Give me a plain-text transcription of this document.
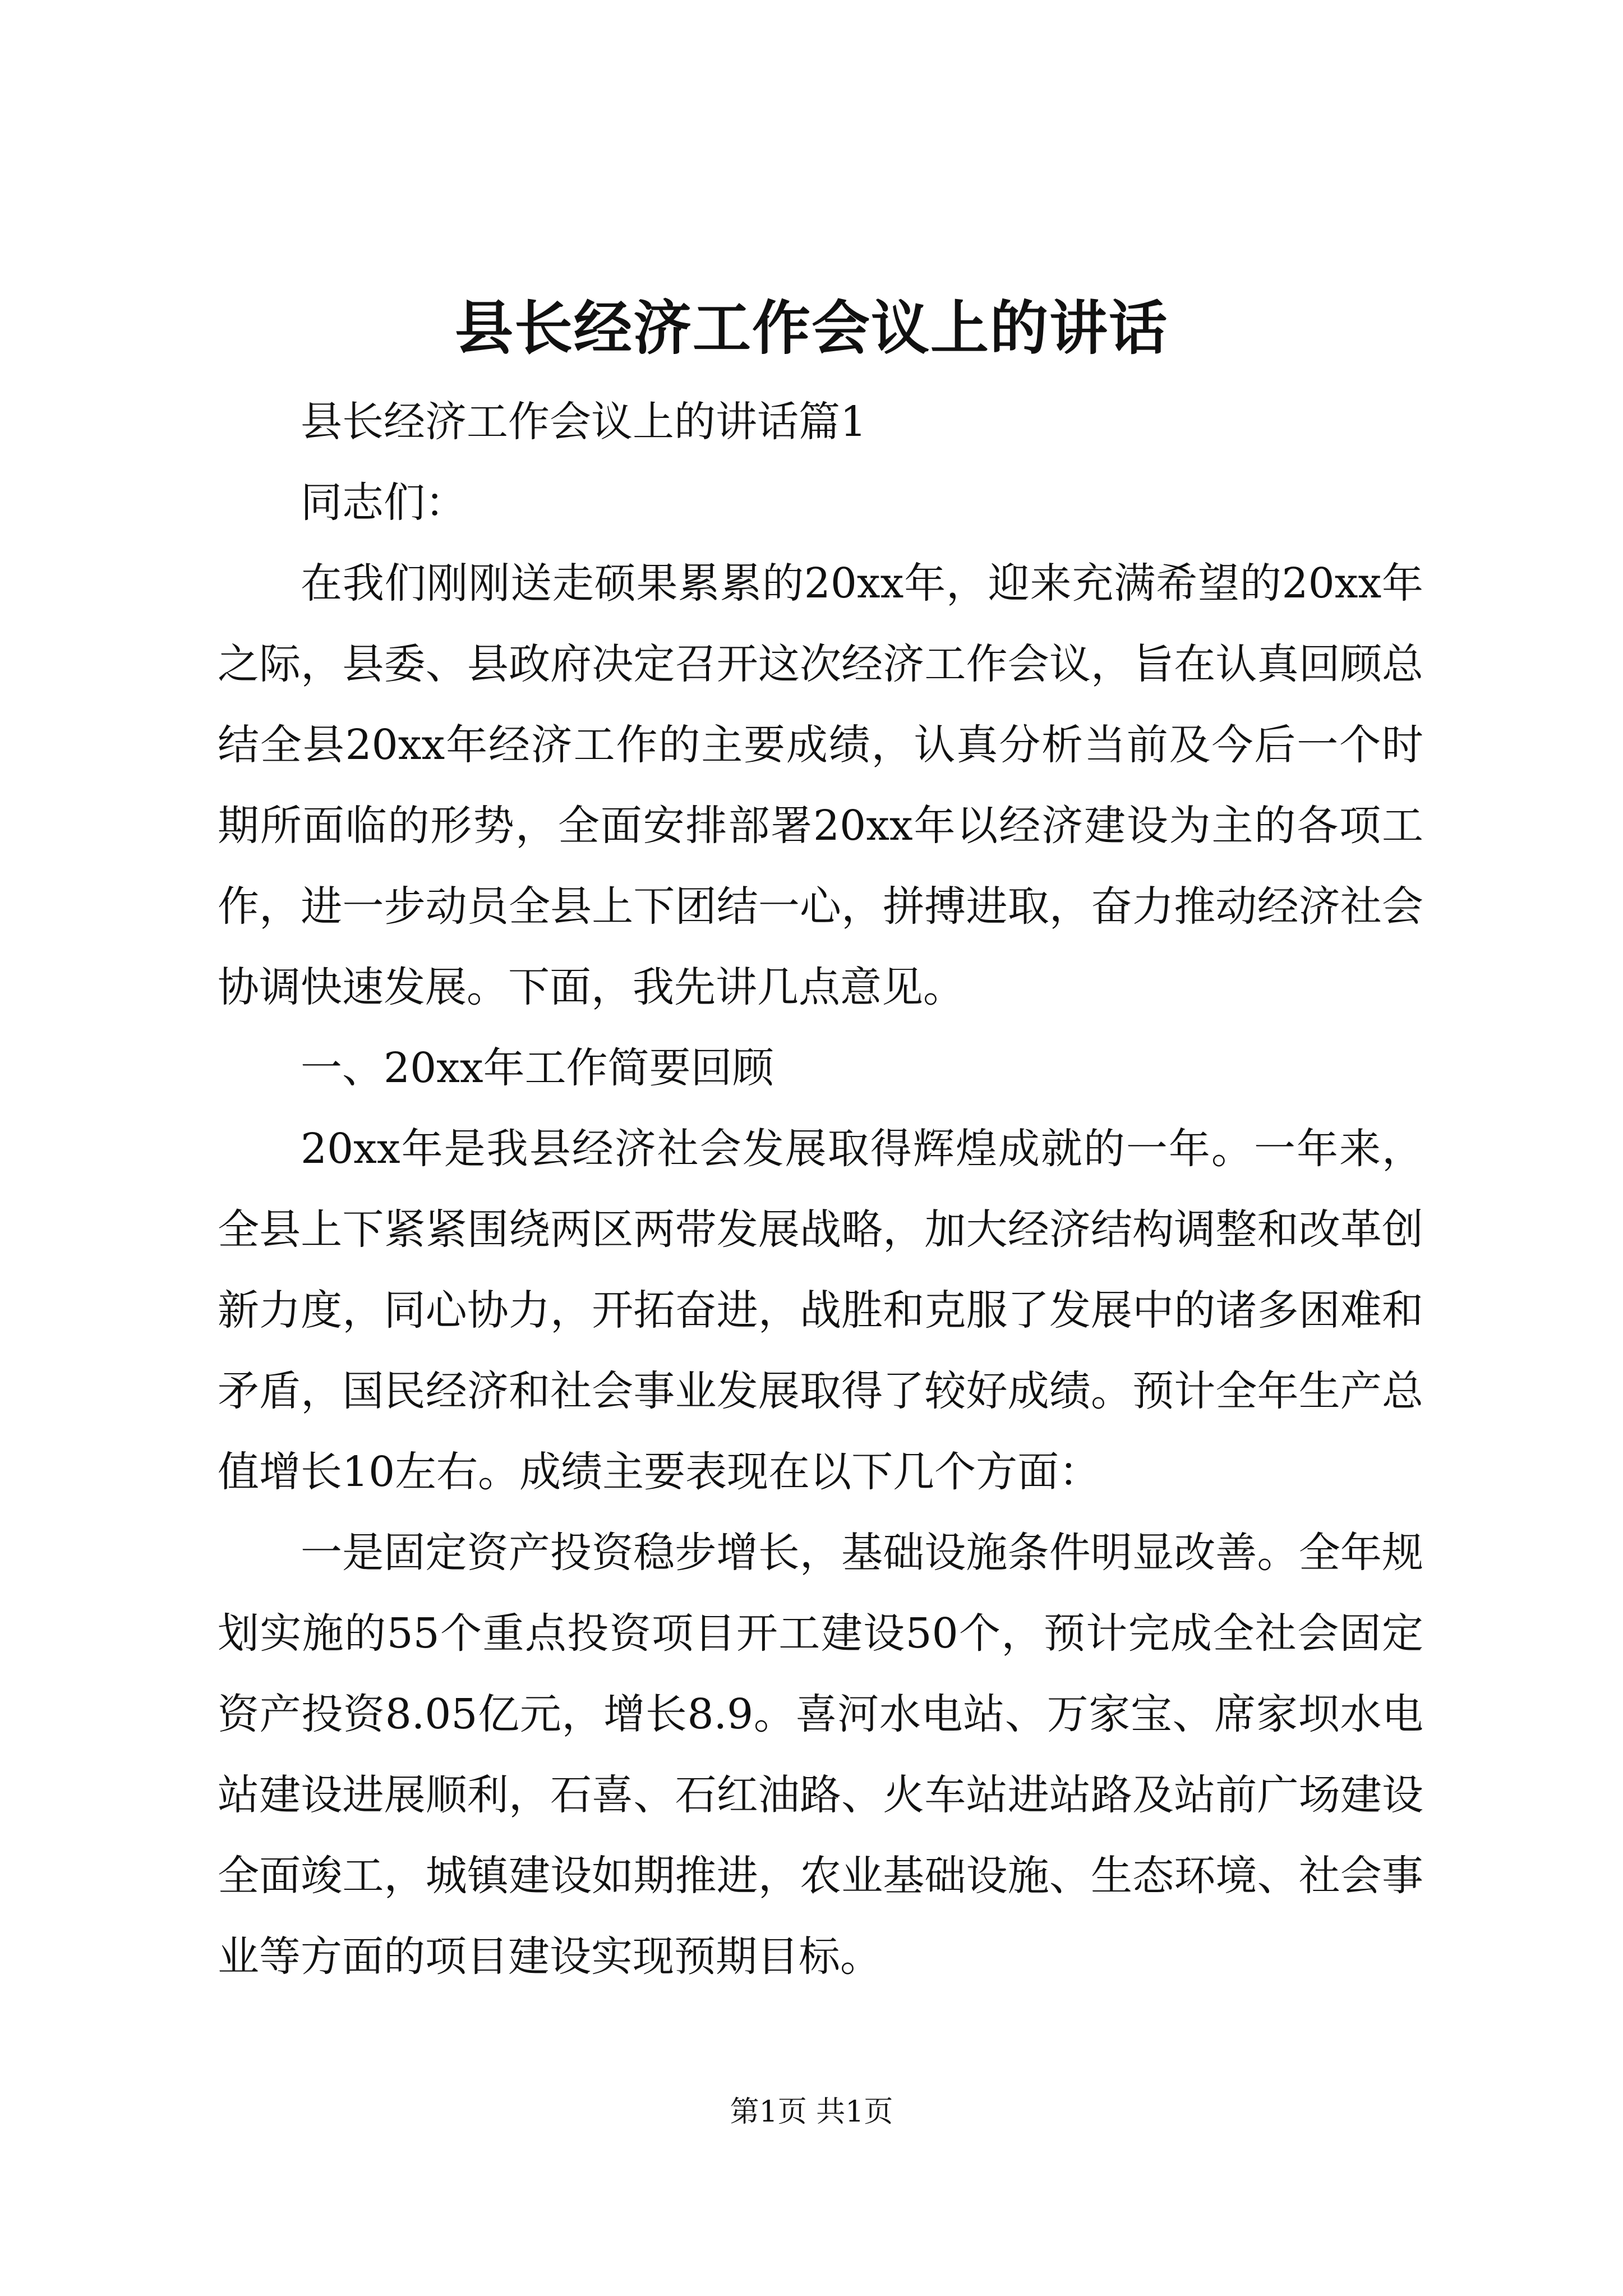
县长经济工作会议上的讲话

县长经济工作会议上的讲话篇1

同志们：

在我们刚刚送走硕果累累的20xx年，迎来充满希望的20xx年之际，县委、县政府决定召开这次经济工作会议，旨在认真回顾总结全县20xx年经济工作的主要成绩，认真分析当前及今后一个时期所面临的形势，全面安排部署20xx年以经济建设为主的各项工作，进一步动员全县上下团结一心，拼搏进取，奋力推动经济社会协调快速发展。下面，我先讲几点意见。

一、20xx年工作简要回顾

20xx年是我县经济社会发展取得辉煌成就的一年。一年来，全县上下紧紧围绕两区两带发展战略，加大经济结构调整和改革创新力度，同心协力，开拓奋进，战胜和克服了发展中的诸多困难和矛盾，国民经济和社会事业发展取得了较好成绩。预计全年生产总值增长10左右。成绩主要表现在以下几个方面：

一是固定资产投资稳步增长，基础设施条件明显改善。全年规划实施的55个重点投资项目开工建设50个，预计完成全社会固定资产投资8.05亿元，增长8.9。喜河水电站、万家宝、席家坝水电站建设进展顺利，石喜、石红油路、火车站进站路及站前广场建设全面竣工，城镇建设如期推进，农业基础设施、生态环境、社会事业等方面的项目建设实现预期目标。

第1页 共1页
